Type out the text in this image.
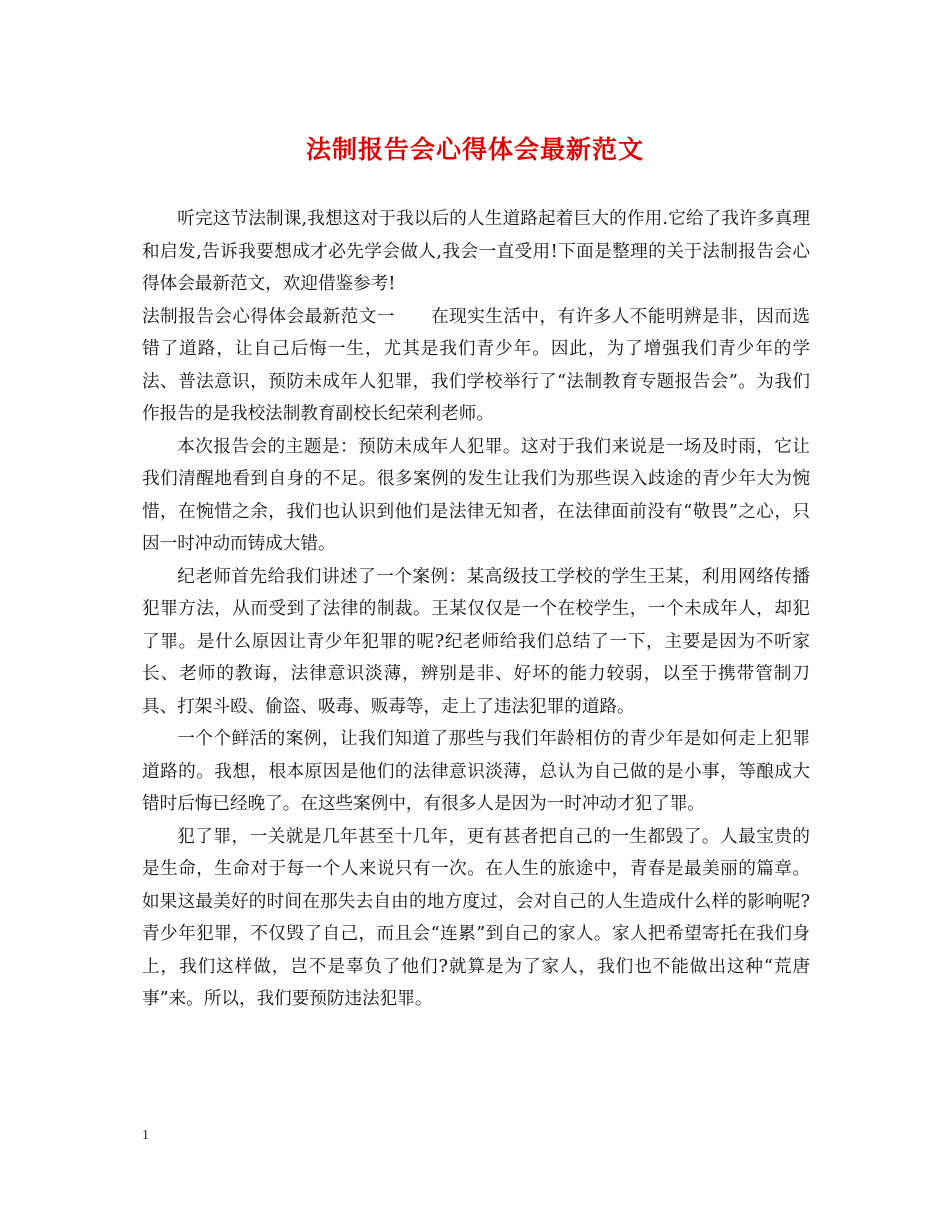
法制报告会心得体会最新范文

听完这节法制课,我想这对于我以后的人生道路起着巨大的作用.它给了我许多真理和启发,告诉我要想成才必先学会做人,我会一直受用!下面是整理的关于法制报告会心得体会最新范文，欢迎借鉴参考!

法制报告会心得体会最新范文一　　在现实生活中，有许多人不能明辨是非，因而选错了道路，让自己后悔一生，尤其是我们青少年。因此，为了增强我们青少年的学法、普法意识，预防未成年人犯罪，我们学校举行了“法制教育专题报告会”。为我们作报告的是我校法制教育副校长纪荣利老师。

本次报告会的主题是：预防未成年人犯罪。这对于我们来说是一场及时雨，它让我们清醒地看到自身的不足。很多案例的发生让我们为那些误入歧途的青少年大为惋惜，在惋惜之余，我们也认识到他们是法律无知者，在法律面前没有“敬畏”之心，只因一时冲动而铸成大错。

纪老师首先给我们讲述了一个案例：某高级技工学校的学生王某，利用网络传播犯罪方法，从而受到了法律的制裁。王某仅仅是一个在校学生，一个未成年人，却犯了罪。是什么原因让青少年犯罪的呢?纪老师给我们总结了一下，主要是因为不听家长、老师的教诲，法律意识淡薄，辨别是非、好坏的能力较弱，以至于携带管制刀具、打架斗殴、偷盗、吸毒、贩毒等，走上了违法犯罪的道路。

一个个鲜活的案例，让我们知道了那些与我们年龄相仿的青少年是如何走上犯罪道路的。我想，根本原因是他们的法律意识淡薄，总认为自己做的是小事，等酿成大错时后悔已经晚了。在这些案例中，有很多人是因为一时冲动才犯了罪。

犯了罪，一关就是几年甚至十几年，更有甚者把自己的一生都毁了。人最宝贵的是生命，生命对于每一个人来说只有一次。在人生的旅途中，青春是最美丽的篇章。如果这最美好的时间在那失去自由的地方度过，会对自己的人生造成什么样的影响呢?青少年犯罪，不仅毁了自己，而且会“连累”到自己的家人。家人把希望寄托在我们身上，我们这样做，岂不是辜负了他们?就算是为了家人，我们也不能做出这种“荒唐事”来。所以，我们要预防违法犯罪。

1
